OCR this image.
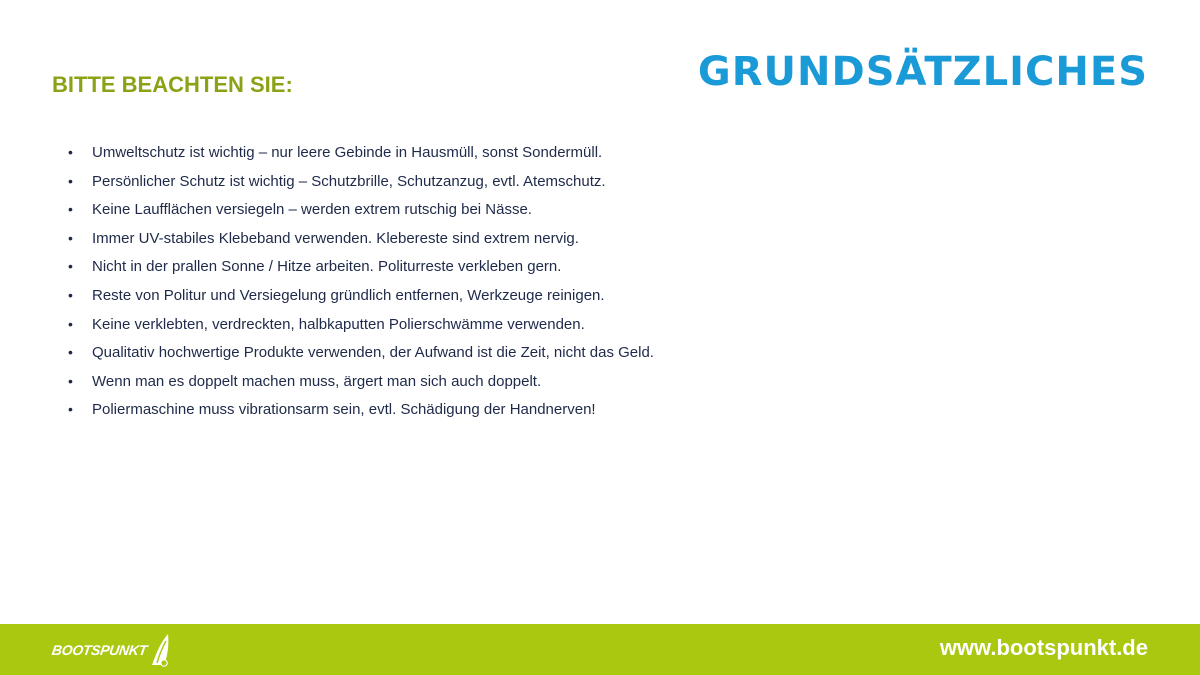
GRUNDSÄTZLICHES
BITTE BEACHTEN SIE:
•	Umweltschutz ist wichtig – nur leere Gebinde in Hausmüll, sonst Sondermüll.
•	Persönlicher Schutz ist wichtig – Schutzbrille, Schutzanzug, evtl. Atemschutz.
•	Keine Laufflächen versiegeln – werden extrem rutschig bei Nässe.
•	Immer UV-stabiles Klebeband verwenden. Klebereste sind extrem nervig.
•	Nicht in der prallen Sonne / Hitze arbeiten. Politurreste verkleben gern.
•	Reste von Politur und Versiegelung gründlich entfernen, Werkzeuge reinigen.
•	Keine verklebten, verdreckten, halbkaputten Polierschwämme verwenden.
•	Qualitativ hochwertige Produkte verwenden, der Aufwand ist die Zeit, nicht das Geld.
•	Wenn man es doppelt machen muss, ärgert man sich auch doppelt.
•	Poliermaschine muss vibrationsarm sein, evtl. Schädigung der Handnerven!
BOOTSPUNKT	www.bootspunkt.de
